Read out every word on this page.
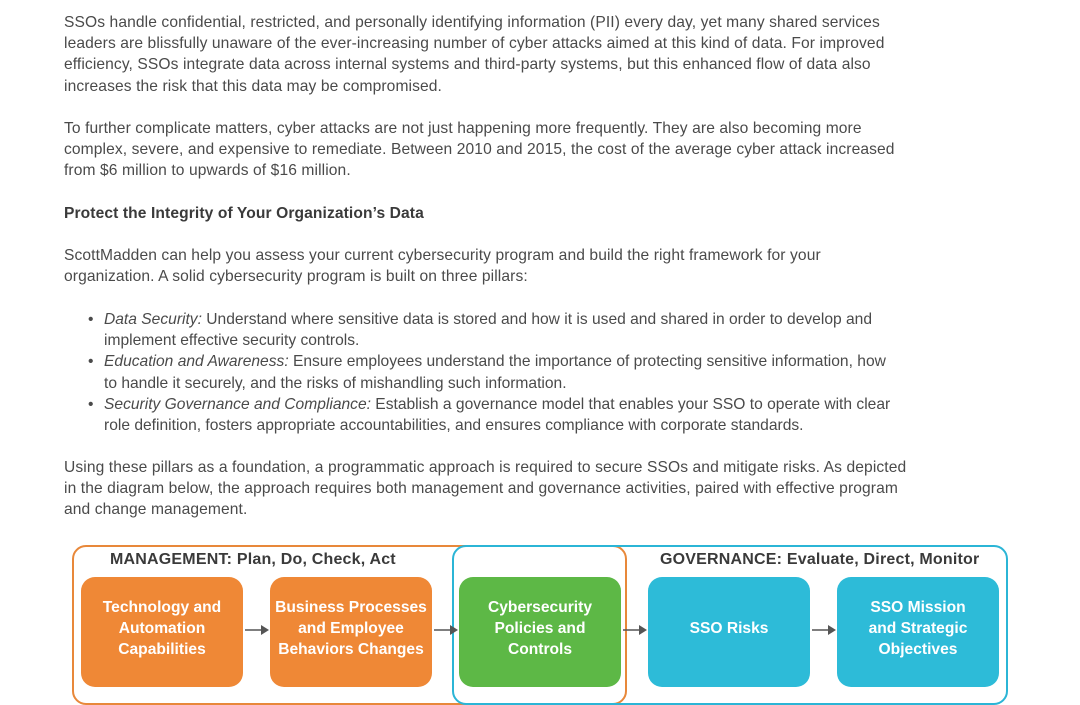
SSOs handle confidential, restricted, and personally identifying information (PII) every day, yet many shared services
leaders are blissfully unaware of the ever-increasing number of cyber attacks aimed at this kind of data. For improved
efficiency, SSOs integrate data across internal systems and third-party systems, but this enhanced flow of data also
increases the risk that this data may be compromised.

To further complicate matters, cyber attacks are not just happening more frequently. They are also becoming more
complex, severe, and expensive to remediate. Between 2010 and 2015, the cost of the average cyber attack increased
from $6 million to upwards of $16 million.

Protect the Integrity of Your Organization’s Data

ScottMadden can help you assess your current cybersecurity program and build the right framework for your
organization. A solid cybersecurity program is built on three pillars:

• Data Security: Understand where sensitive data is stored and how it is used and shared in order to develop and
implement effective security controls.
• Education and Awareness: Ensure employees understand the importance of protecting sensitive information, how
to handle it securely, and the risks of mishandling such information.
• Security Governance and Compliance: Establish a governance model that enables your SSO to operate with clear
role definition, fosters appropriate accountabilities, and ensures compliance with corporate standards.

Using these pillars as a foundation, a programmatic approach is required to secure SSOs and mitigate risks. As depicted
in the diagram below, the approach requires both management and governance activities, paired with effective program
and change management.

MANAGEMENT: Plan, Do, Check, Act	GOVERNANCE: Evaluate, Direct, Monitor
Technology and
Automation
Capabilities
Business Processes
and Employee
Behaviors Changes
Cybersecurity
Policies and
Controls
SSO Risks
SSO Mission
and Strategic
Objectives
